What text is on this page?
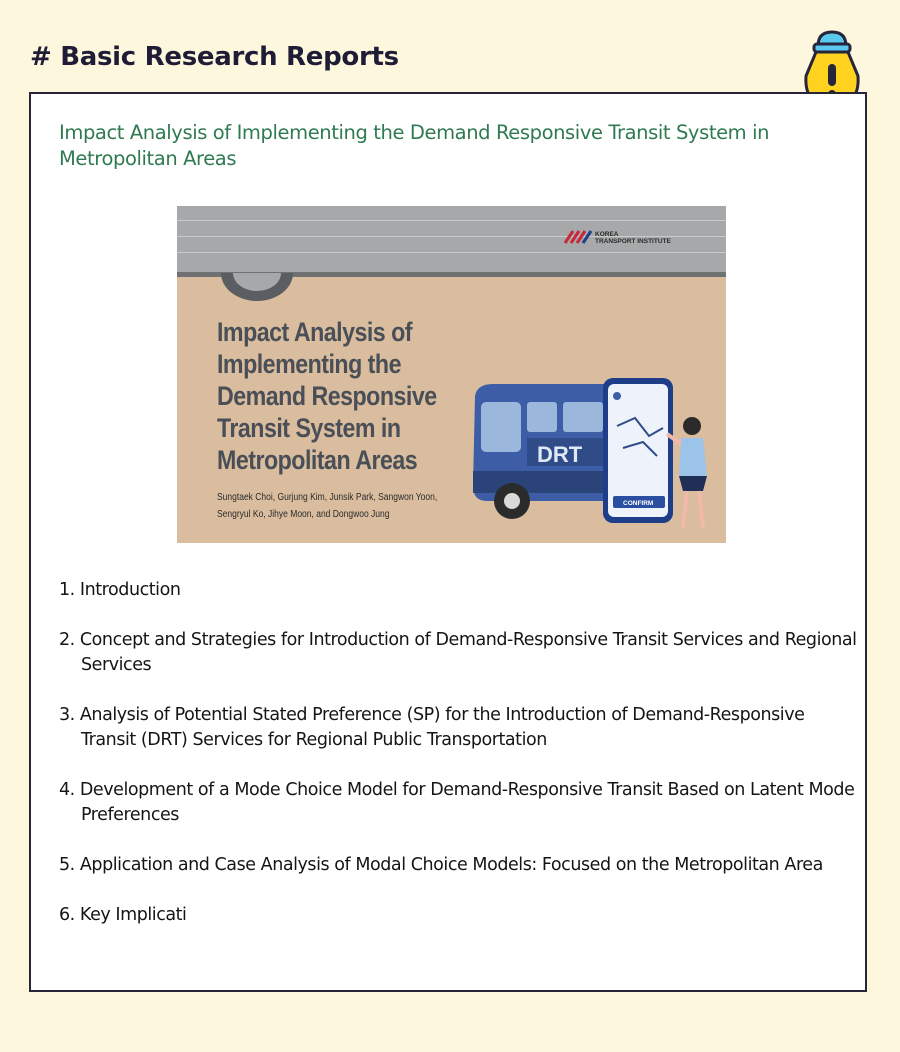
# Basic Research Reports
Impact Analysis of Implementing the Demand Responsive Transit System in Metropolitan Areas
KOREA
TRANSPORT INSTITUTE
Impact Analysis of Implementing the Demand Responsive Transit System in Metropolitan Areas
Sungtaek Choi, Gurjung Kim, Junsik Park, Sangwon Yoon, Sengryul Ko, Jihye Moon, and Dongwoo Jung
DRT
CONFIRM
1. Introduction
2. Concept and Strategies for Introduction of Demand-Responsive Transit Services and Regional Services
3. Analysis of Potential Stated Preference (SP) for the Introduction of Demand-Responsive Transit (DRT) Services for Regional Public Transportation
4. Development of a Mode Choice Model for Demand-Responsive Transit Based on Latent Mode Preferences
5. Application and Case Analysis of Modal Choice Models: Focused on the Metropolitan Area
6. Key Implicati
